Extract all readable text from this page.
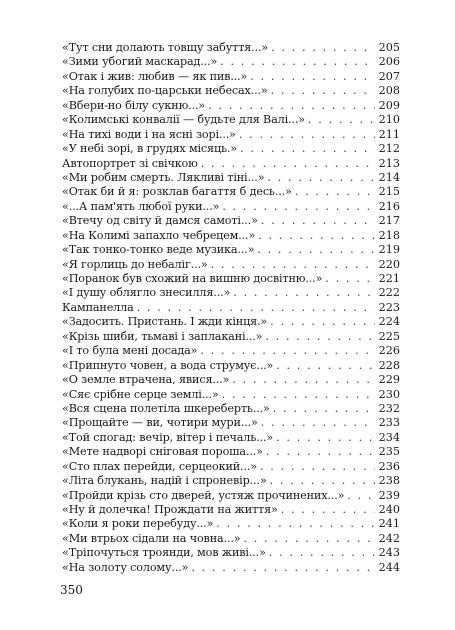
«Тут сни долають товщу забуття...» . . .	205
«Зими убогий маскарад...» . . .	206
«Отак і жив: любив — як пив...» . . .	207
«На голубих по-царськи небесах...» . . .	208
«Вбери-но білу сукню...» . . .	209
«Колимські конвалії — будьте для Валі...» . . .	210
«На тихі води і на ясні зорі...» . . .	211
«У небі зорі, в грудях місяць.» . . .	212
Автопортрет зі свічкою . . .	213
«Ми робим смерть. Лякливі тіні...» . . .	214
«Отак би й я: розклав багаття б десь...» . . .	215
«...А пам'ять любої руки...» . . .	216
«Втечу од світу й дамся самоті...» . . .	217
«На Колимі запахло чебрецем...» . . .	218
«Так тонко-тонко веде музика...» . . .	219
«Я горлиць до небаліг...» . . .	220
«Поранок був схожий на вишню досвітню...» . . .	221
«І душу облягло знесилля...» . . .	222
Кампанелла . . .	223
«Задосить. Пристань. І жди кінця.» . . .	224
«Крізь шиби, тьмаві і заплакані...» . . .	225
«І то була мені досада» . . .	226
«Припнуто човен, а вода струмує...» . . .	228
«О земле втрачена, явися...» . . .	229
«Сяє срібне серце землі...» . . .	230
«Вся сцена полетіла шкереберть...» . . .	232
«Прощайте — ви, чотири мури...» . . .	233
«Той спогад: вечір, вітер і печаль...» . . .	234
«Мете надворі сніговая пороша...» . . .	235
«Сто плах перейди, серцеокий...» . . .	236
«Літа блукань, надій і спроневір...» . . .	238
«Пройди крізь сто дверей, устяж прочинених...» . . .	239
«Ну й долечка! Прождати на життя» . . .	240
«Коли я роки перебуду...» . . .	241
«Ми втрьох сідали на човна...» . . .	242
«Тріпочуться троянди, мов живі...» . . .	243
«На золоту солому...» . . .	244
350
